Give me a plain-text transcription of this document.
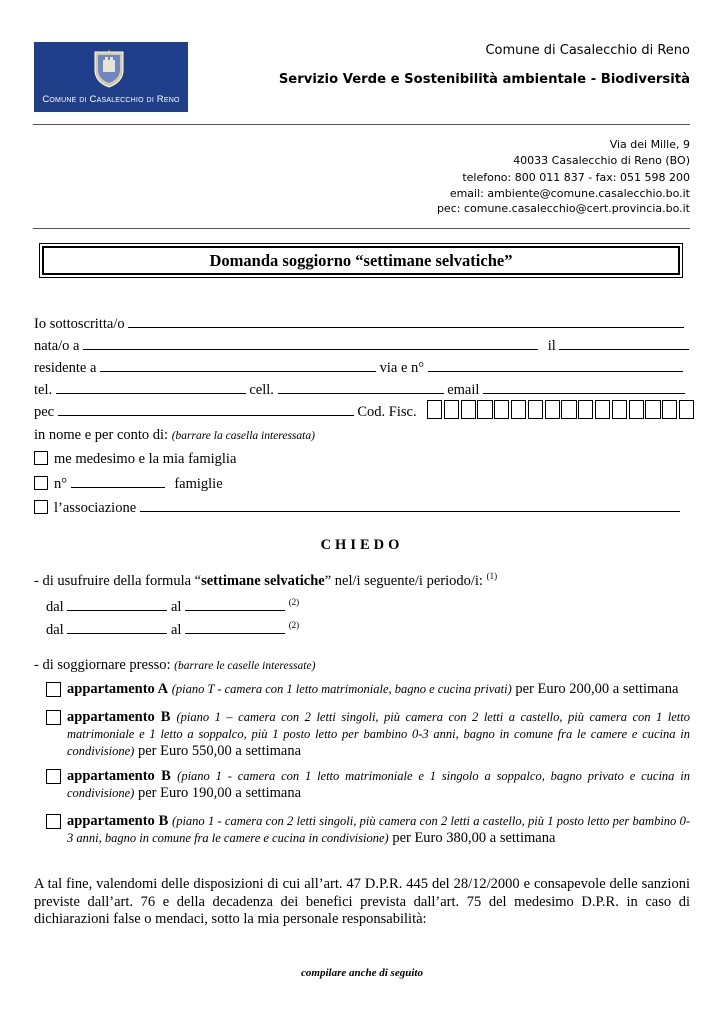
Comune di Casalecchio di Reno
Comune di Casalecchio di Reno
Servizio Verde e Sostenibilità ambientale - Biodiversità
Via dei Mille, 9
40033 Casalecchio di Reno (BO)
telefono: 800 011 837 - fax: 051 598 200
email: ambiente@comune.casalecchio.bo.it
pec: comune.casalecchio@cert.provincia.bo.it
Domanda soggiorno “settimane selvatiche”
Io sottoscritta/o
nata/o a	il
residente a	via e n°
tel.	cell.	email
pec	Cod. Fisc.
in nome e per conto di: (barrare la casella interessata)
me medesimo e la mia famiglia
n°	famiglie
l’associazione
CHIEDO
- di usufruire della formula “settimane selvatiche” nel/i seguente/i periodo/i: $^{(1)}$
dal	al	$^{(2)}$
dal	al	$^{(2)}$
- di soggiornare presso: (barrare le caselle interessate)
appartamento A (piano T - camera con 1 letto matrimoniale, bagno e cucina privati) per Euro 200,00 a settimana
appartamento B (piano 1 – camera con 2 letti singoli, più camera con 2 letti a castello, più camera con 1 letto matrimoniale e 1 letto a soppalco, più 1 posto letto per bambino 0-3 anni, bagno in comune fra le camere e cucina in condivisione) per Euro 550,00 a settimana
appartamento B (piano 1 - camera con 1 letto matrimoniale e 1 singolo a soppalco, bagno privato e cucina in condivisione) per Euro 190,00 a settimana
appartamento B (piano 1 - camera con 2 letti singoli, più camera con 2 letti a castello, più 1 posto letto per bambino 0-3 anni, bagno in comune fra le camere e cucina in condivisione) per Euro 380,00 a settimana
A tal fine, valendomi delle disposizioni di cui all’art. 47 D.P.R. 445 del 28/12/2000 e consapevole delle sanzioni previste dall’art. 76 e della decadenza dei benefici prevista dall’art. 75 del medesimo D.P.R. in caso di dichiarazioni false o mendaci, sotto la mia personale responsabilità:
compilare anche di seguito
